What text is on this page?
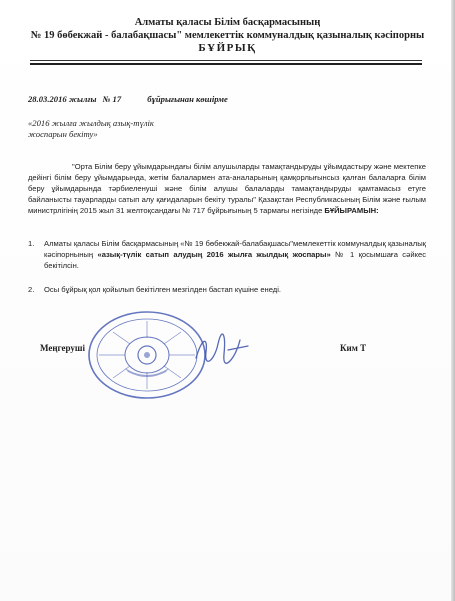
Алматы қаласы Білім басқармасының
№ 19 бөбекжай - балабақшасы" мемлекеттік коммуналдық қазыналық кәсіпорны
БҰЙРЫҚ
28.03.2016 жылғы № 17	бұйрығынан көшірме
«2016 жылға жылдық азық-түлік жоспарын бекіту»
"Орта Білім беру ұйымдарындағы білім алушыларды тамақтандыруды ұйымдастыру және мектепке дейінгі білім беру ұйымдарында, жетім балалармен ата-аналарының қамқорлығынсыз қалған балаларға білім беру ұйымдарында тәрбиеленуші және білім алушы балаларды тамақтандыруды қамтамасыз етуге байланысты тауарларды сатып алу қағидаларын бекіту туралы" Қазақстан Республикасының Білім және ғылым министрлігінің 2015 жыл 31 желтоқсандағы № 717 бұйрығының 5 тармағы негізінде БҰЙЫРАМЫН:
1.	Алматы қаласы Білім басқармасының «№ 19 бөбекжай-балабақшасы"мемлекеттік коммуналдық қазыналық кәсіпорнының «азық-түлік сатып алудың 2016 жылға жылдық жоспары» № 1 қосымшаға сәйкес бекітілсін.
2.	Осы бұйрық қол қойылып бекітілген мезгілден бастап күшіне енеді.
Меңгеруші	Ким Т
